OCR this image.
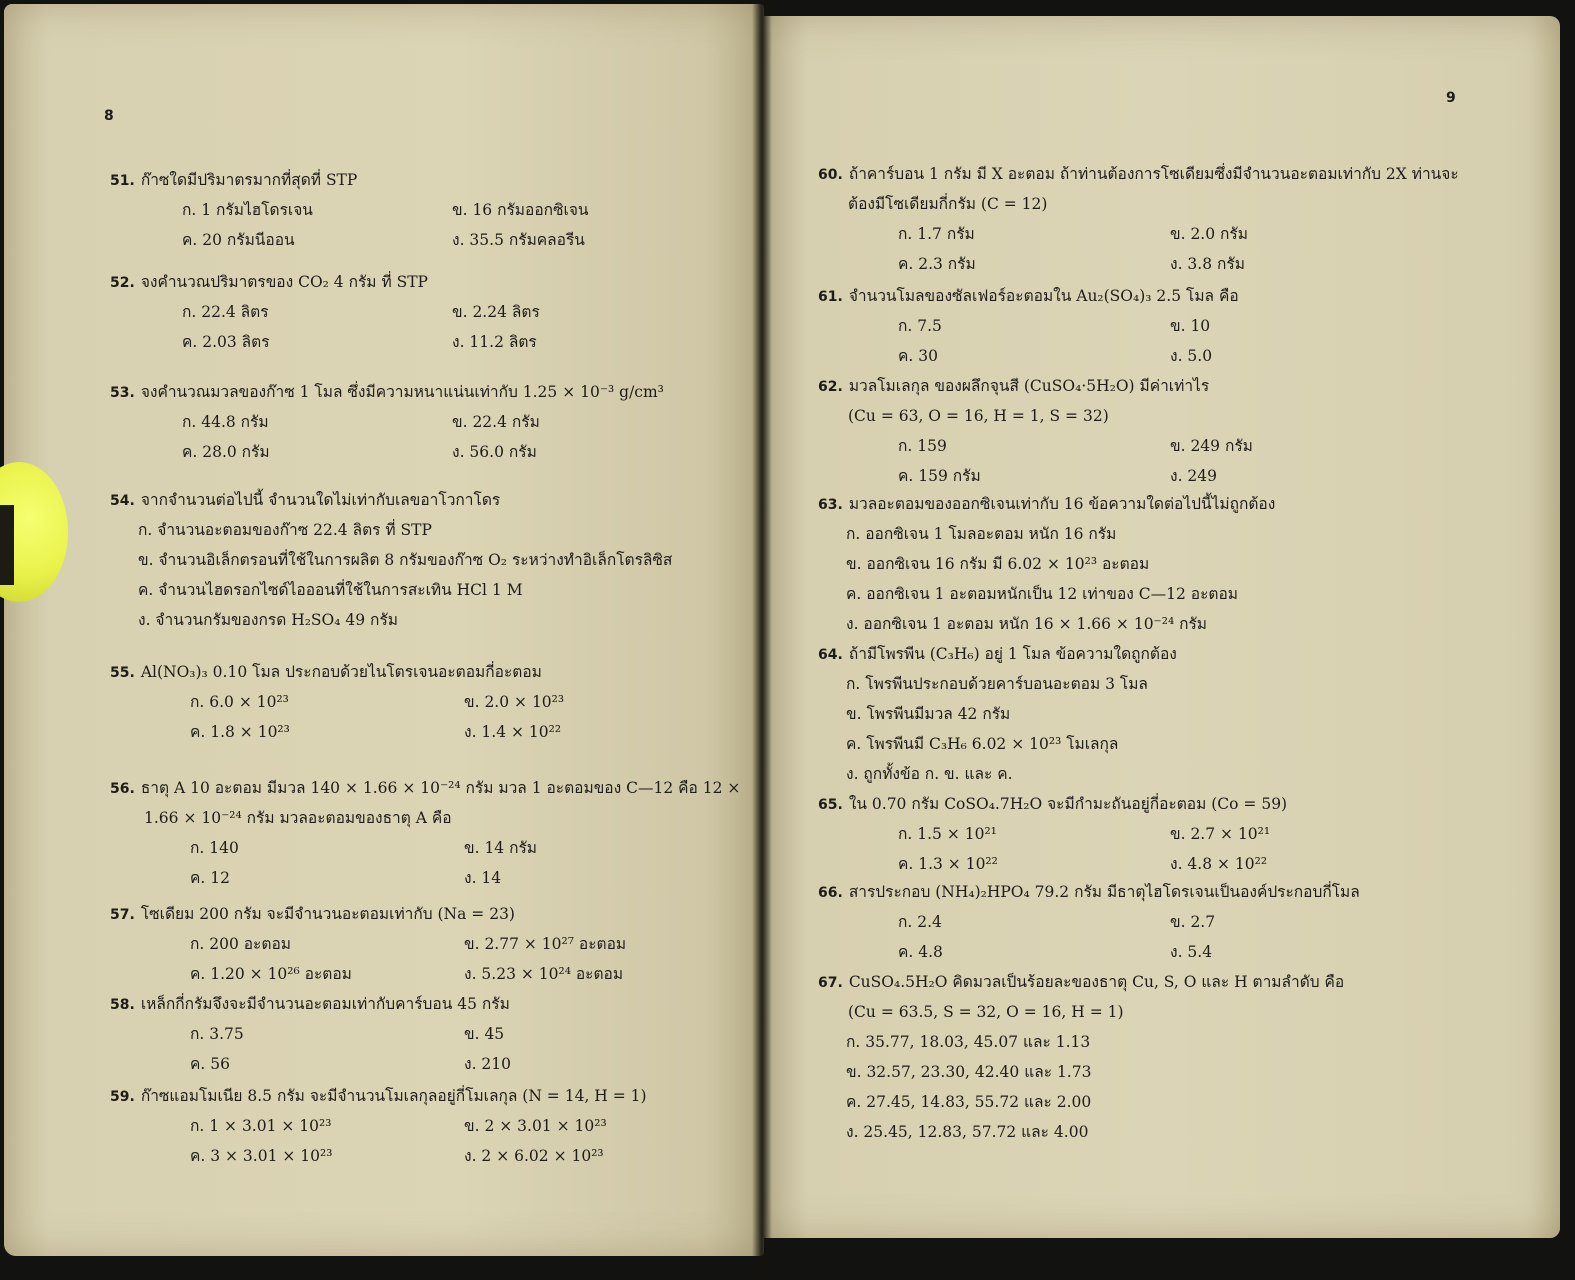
8
9
51. ก๊าซใดมีปริมาตรมากที่สุดที่ STP
ก. 1 กรัมไฮโดรเจน	ข. 16 กรัมออกซิเจน
ค. 20 กรัมนีออน	ง. 35.5 กรัมคลอรีน
52. จงคำนวณปริมาตรของ CO₂ 4 กรัม ที่ STP
ก. 22.4 ลิตร	ข. 2.24 ลิตร
ค. 2.03 ลิตร	ง. 11.2 ลิตร
53. จงคำนวณมวลของก๊าซ 1 โมล ซึ่งมีความหนาแน่นเท่ากับ 1.25 × 10⁻³ g/cm³
ก. 44.8 กรัม	ข. 22.4 กรัม
ค. 28.0 กรัม	ง. 56.0 กรัม
54. จากจำนวนต่อไปนี้ จำนวนใดไม่เท่ากับเลขอาโวกาโดร
ก. จำนวนอะตอมของก๊าซ 22.4 ลิตร ที่ STP
ข. จำนวนอิเล็กตรอนที่ใช้ในการผลิต 8 กรัมของก๊าซ O₂ ระหว่างทำอิเล็กโตรลิซิส
ค. จำนวนไฮดรอกไซด์ไอออนที่ใช้ในการสะเทิน HCl 1 M
ง. จำนวนกรัมของกรด H₂SO₄ 49 กรัม
55. Al(NO₃)₃ 0.10 โมล ประกอบด้วยไนโตรเจนอะตอมกี่อะตอม
ก. 6.0 × 10²³	ข. 2.0 × 10²³
ค. 1.8 × 10²³	ง. 1.4 × 10²²
56. ธาตุ A 10 อะตอม มีมวล 140 × 1.66 × 10⁻²⁴ กรัม มวล 1 อะตอมของ C—12 คือ 12 ×
1.66 × 10⁻²⁴ กรัม มวลอะตอมของธาตุ A คือ
ก. 140	ข. 14 กรัม
ค. 12	ง. 14
57. โซเดียม 200 กรัม จะมีจำนวนอะตอมเท่ากับ (Na = 23)
ก. 200 อะตอม	ข. 2.77 × 10²⁷ อะตอม
ค. 1.20 × 10²⁶ อะตอม	ง. 5.23 × 10²⁴ อะตอม
58. เหล็กกี่กรัมจึงจะมีจำนวนอะตอมเท่ากับคาร์บอน 45 กรัม
ก. 3.75	ข. 45
ค. 56	ง. 210
59. ก๊าซแอมโมเนีย 8.5 กรัม จะมีจำนวนโมเลกุลอยู่กี่โมเลกุล (N = 14, H = 1)
ก. 1 × 3.01 × 10²³	ข. 2 × 3.01 × 10²³
ค. 3 × 3.01 × 10²³	ง. 2 × 6.02 × 10²³
60. ถ้าคาร์บอน 1 กรัม มี X อะตอม ถ้าท่านต้องการโซเดียมซึ่งมีจำนวนอะตอมเท่ากับ 2X ท่านจะ
ต้องมีโซเดียมกี่กรัม (C = 12)
ก. 1.7 กรัม	ข. 2.0 กรัม
ค. 2.3 กรัม	ง. 3.8 กรัม
61. จำนวนโมลของซัลเฟอร์อะตอมใน Au₂(SO₄)₃ 2.5 โมล คือ
ก. 7.5	ข. 10
ค. 30	ง. 5.0
62. มวลโมเลกุล ของผลึกจุนสี (CuSO₄·5H₂O) มีค่าเท่าไร
(Cu = 63, O = 16, H = 1, S = 32)
ก. 159	ข. 249 กรัม
ค. 159 กรัม	ง. 249
63. มวลอะตอมของออกซิเจนเท่ากับ 16 ข้อความใดต่อไปนี้ไม่ถูกต้อง
ก. ออกซิเจน 1 โมลอะตอม หนัก 16 กรัม
ข. ออกซิเจน 16 กรัม มี 6.02 × 10²³ อะตอม
ค. ออกซิเจน 1 อะตอมหนักเป็น 12 เท่าของ C—12 อะตอม
ง. ออกซิเจน 1 อะตอม หนัก 16 × 1.66 × 10⁻²⁴ กรัม
64. ถ้ามีโพรพีน (C₃H₆) อยู่ 1 โมล ข้อความใดถูกต้อง
ก. โพรพีนประกอบด้วยคาร์บอนอะตอม 3 โมล
ข. โพรพีนมีมวล 42 กรัม
ค. โพรพีนมี C₃H₆ 6.02 × 10²³ โมเลกุล
ง. ถูกทั้งข้อ ก. ข. และ ค.
65. ใน 0.70 กรัม CoSO₄.7H₂O จะมีกำมะถันอยู่กี่อะตอม (Co = 59)
ก. 1.5 × 10²¹	ข. 2.7 × 10²¹
ค. 1.3 × 10²²	ง. 4.8 × 10²²
66. สารประกอบ (NH₄)₂HPO₄ 79.2 กรัม มีธาตุไฮโดรเจนเป็นองค์ประกอบกี่โมล
ก. 2.4	ข. 2.7
ค. 4.8	ง. 5.4
67. CuSO₄.5H₂O คิดมวลเป็นร้อยละของธาตุ Cu, S, O และ H ตามลำดับ คือ
(Cu = 63.5, S = 32, O = 16, H = 1)
ก. 35.77, 18.03, 45.07 และ 1.13
ข. 32.57, 23.30, 42.40 และ 1.73
ค. 27.45, 14.83, 55.72 และ 2.00
ง. 25.45, 12.83, 57.72 และ 4.00
